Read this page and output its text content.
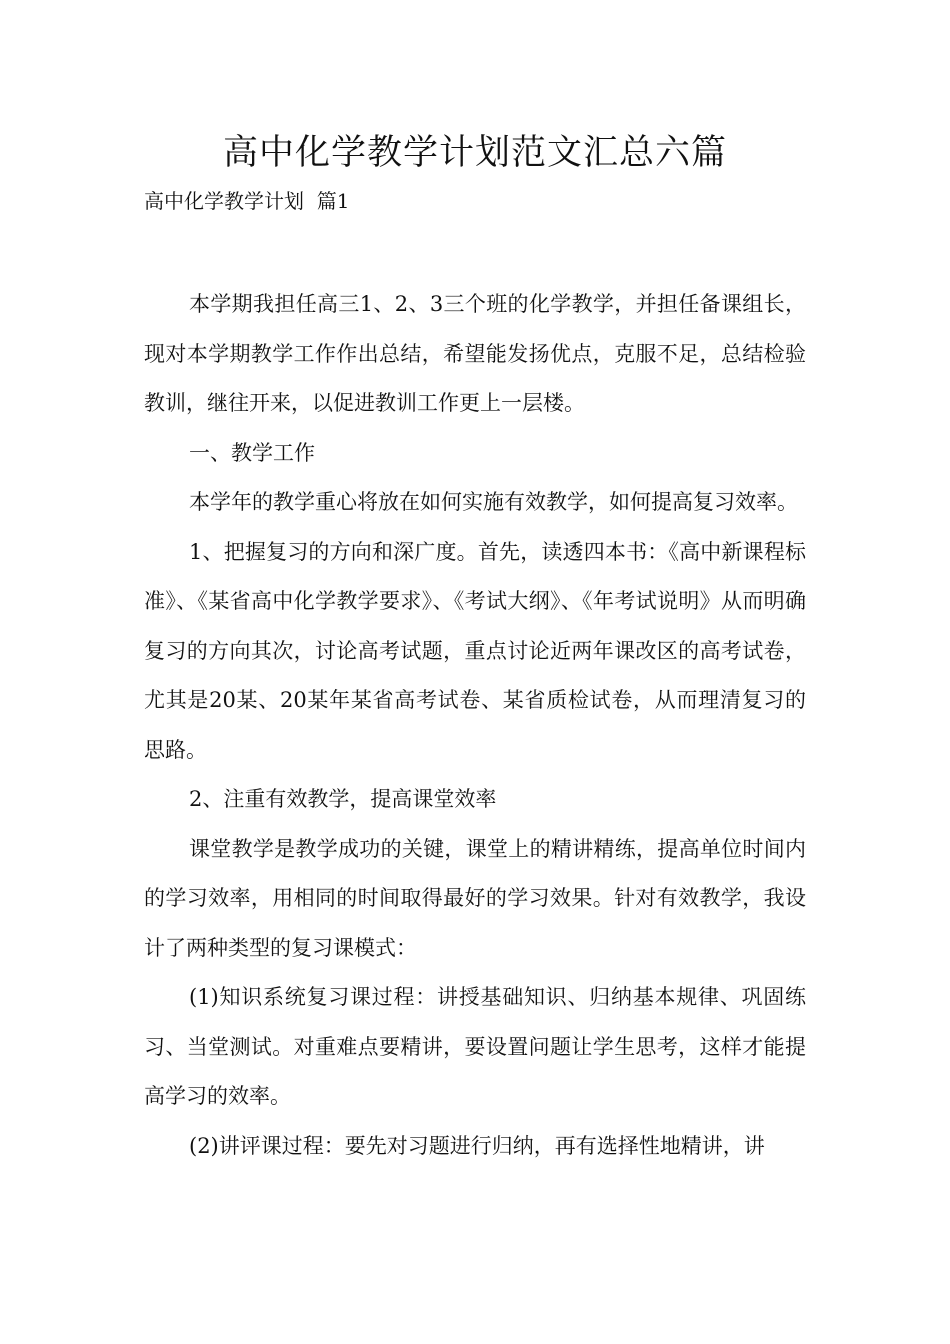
高中化学教学计划范文汇总六篇
高中化学教学计划  篇1

本学期我担任高三1、2、3三个班的化学教学，并担任备课组长，现对本学期教学工作作出总结，希望能发扬优点，克服不足，总结检验教训，继往开来，以促进教训工作更上一层楼。

一、教学工作

本学年的教学重心将放在如何实施有效教学，如何提高复习效率。

1、把握复习的方向和深广度。首先，读透四本书：《高中新课程标准》、《某省高中化学教学要求》、《考试大纲》、《年考试说明》从而明确复习的方向其次，讨论高考试题，重点讨论近两年课改区的高考试卷，尤其是20某、20某年某省高考试卷、某省质检试卷，从而理清复习的思路。

2、注重有效教学，提高课堂效率

课堂教学是教学成功的关键，课堂上的精讲精练，提高单位时间内的学习效率，用相同的时间取得最好的学习效果。针对有效教学，我设计了两种类型的复习课模式：

(1)知识系统复习课过程：讲授基础知识、归纳基本规律、巩固练习、当堂测试。对重难点要精讲，要设置问题让学生思考，这样才能提高学习的效率。

(2)讲评课过程：要先对习题进行归纳，再有选择性地精讲，讲
